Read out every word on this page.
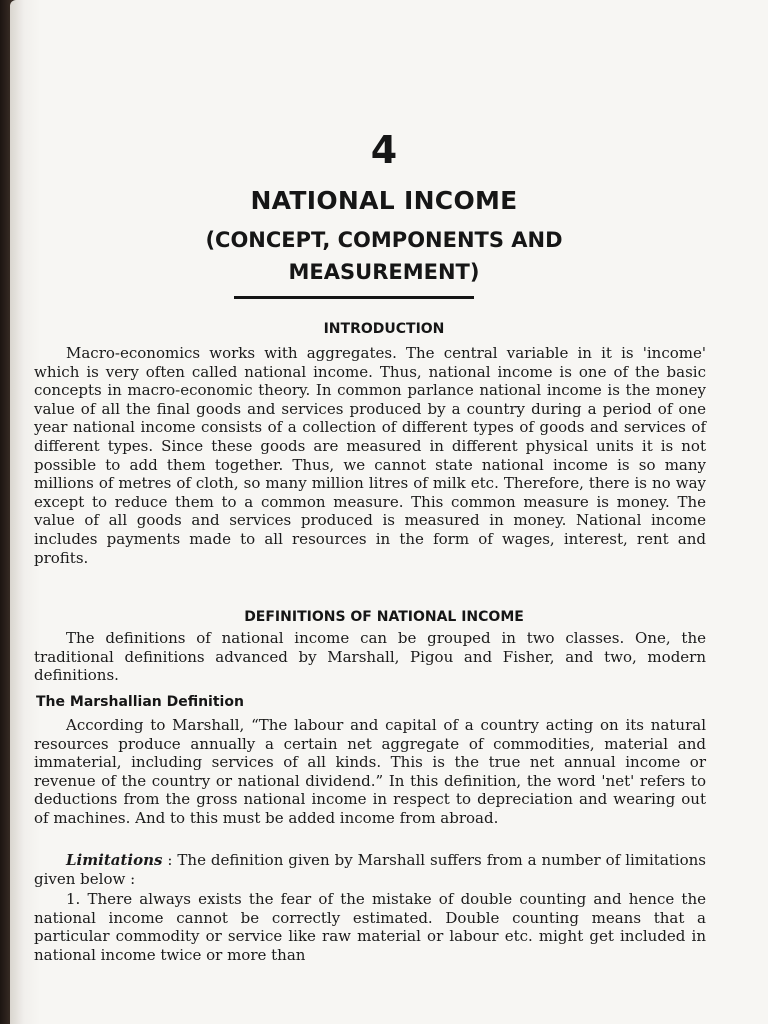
4
NATIONAL INCOME
(CONCEPT, COMPONENTS AND
MEASUREMENT)
INTRODUCTION

Macro-economics works with aggregates. The central variable in it is 'income' which is very often called national income. Thus, national income is one of the basic concepts in macro-economic theory. In common parlance national income is the money value of all the final goods and services produced by a country during a period of one year national income consists of a collection of different types of goods and services of different types. Since these goods are measured in different physical units it is not possible to add them together. Thus, we cannot state national income is so many millions of metres of cloth, so many million litres of milk etc. Therefore, there is no way except to reduce them to a common measure. This common measure is money. The value of all goods and services produced is measured in money. National income includes payments made to all resources in the form of wages, interest, rent and profits.

DEFINITIONS OF NATIONAL INCOME

The definitions of national income can be grouped in two classes. One, the traditional definitions advanced by Marshall, Pigou and Fisher, and two, modern definitions.

The Marshallian Definition

According to Marshall, “The labour and capital of a country acting on its natural resources produce annually a certain net aggregate of commodities, material and immaterial, including services of all kinds. This is the true net annual income or revenue of the country or national dividend.” In this definition, the word 'net' refers to deductions from the gross national income in respect to depreciation and wearing out of machines. And to this must be added income from abroad.

Limitations : The definition given by Marshall suffers from a number of limitations given below :

1. There always exists the fear of the mistake of double counting and hence the national income cannot be correctly estimated. Double counting means that a particular commodity or service like raw material or labour etc. might get included in national income twice or more than
